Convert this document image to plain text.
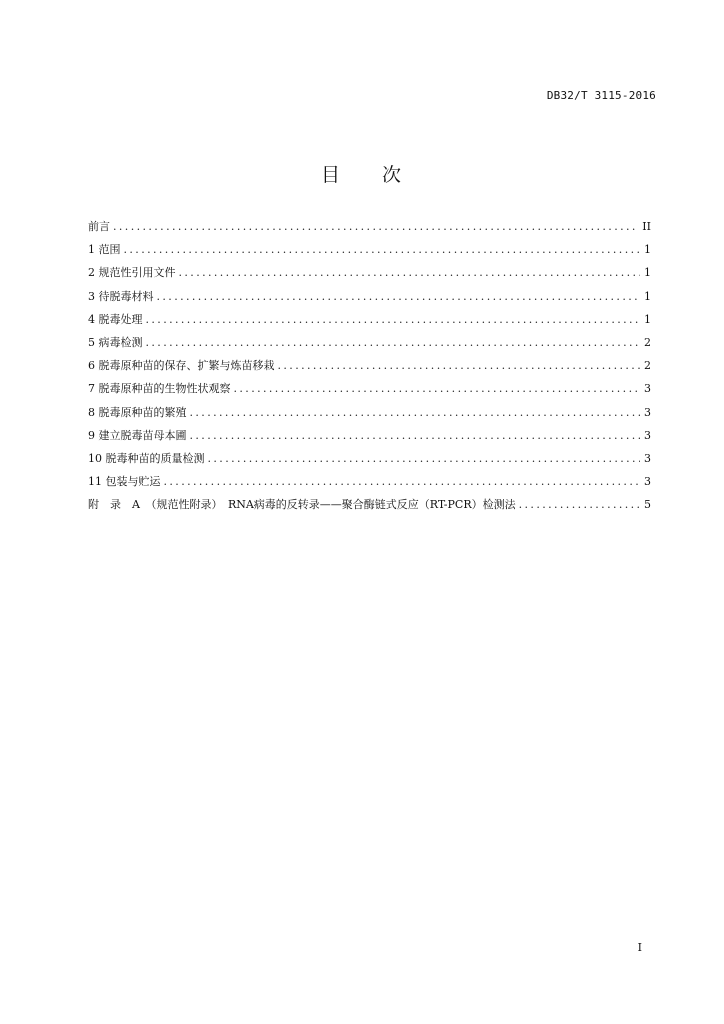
DB32/T 3115-2016
目 次
前言 .....	II
1 范围 .....	1
2 规范性引用文件 .....	1
3 待脱毒材料 .....	1
4 脱毒处理 .....	1
5 病毒检测 .....	2
6 脱毒原种苗的保存、扩繁与炼苗移栽 .....	2
7 脱毒原种苗的生物性状观察 .....	3
8 脱毒原种苗的繁殖 .....	3
9 建立脱毒苗母本圃 .....	3
10 脱毒种苗的质量检测 .....	3
11 包装与贮运 .....	3
附　录　A　（规范性附录）　RNA病毒的反转录——聚合酶链式反应（RT-PCR）检测法 .....	5
I
